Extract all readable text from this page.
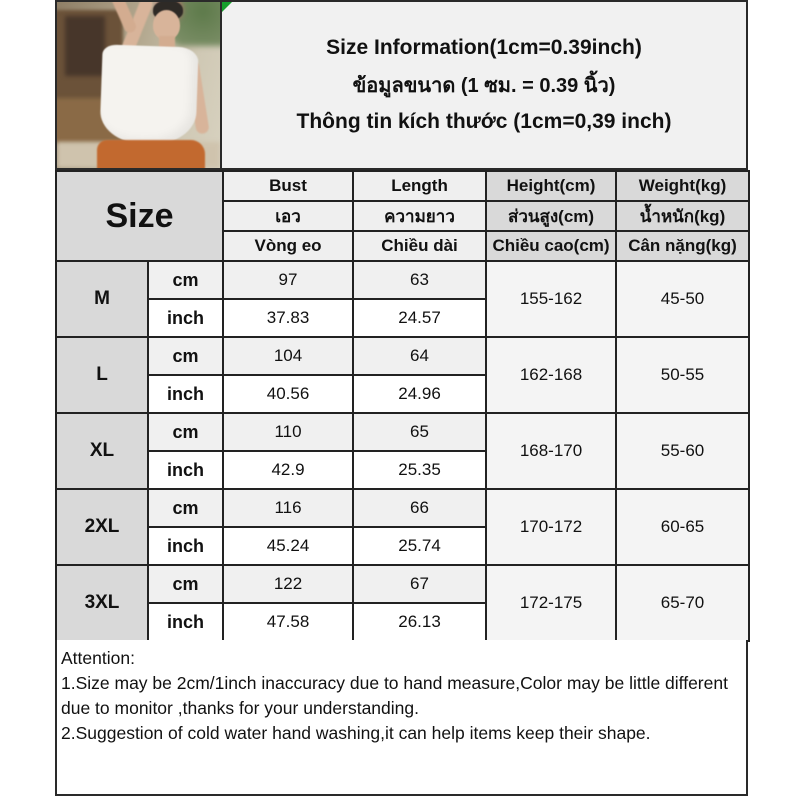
Size Information(1cm=0.39inch)
ข้อมูลขนาด (1 ซม. = 0.39 นิ้ว)
Thông tin kích thước (1cm=0,39 inch)
Size		Bust	Length	Height(cm)	Weight(kg)
		เอว	ความยาว	ส่วนสูง(cm)	น้ำหนัก(kg)
		Vòng eo	Chiều dài	Chiều cao(cm)	Cân nặng(kg)
M	cm	97	63	155-162	45-50
	inch	37.83	24.57		
L	cm	104	64	162-168	50-55
	inch	40.56	24.96		
XL	cm	110	65	168-170	55-60
	inch	42.9	25.35		
2XL	cm	116	66	170-172	60-65
	inch	45.24	25.74		
3XL	cm	122	67	172-175	65-70
	inch	47.58	26.13		
Attention:
1.Size may be 2cm/1inch inaccuracy due to hand measure,Color may be little different due to monitor ,thanks for your understanding.
2.Suggestion of cold water hand washing,it can help items keep their shape.
